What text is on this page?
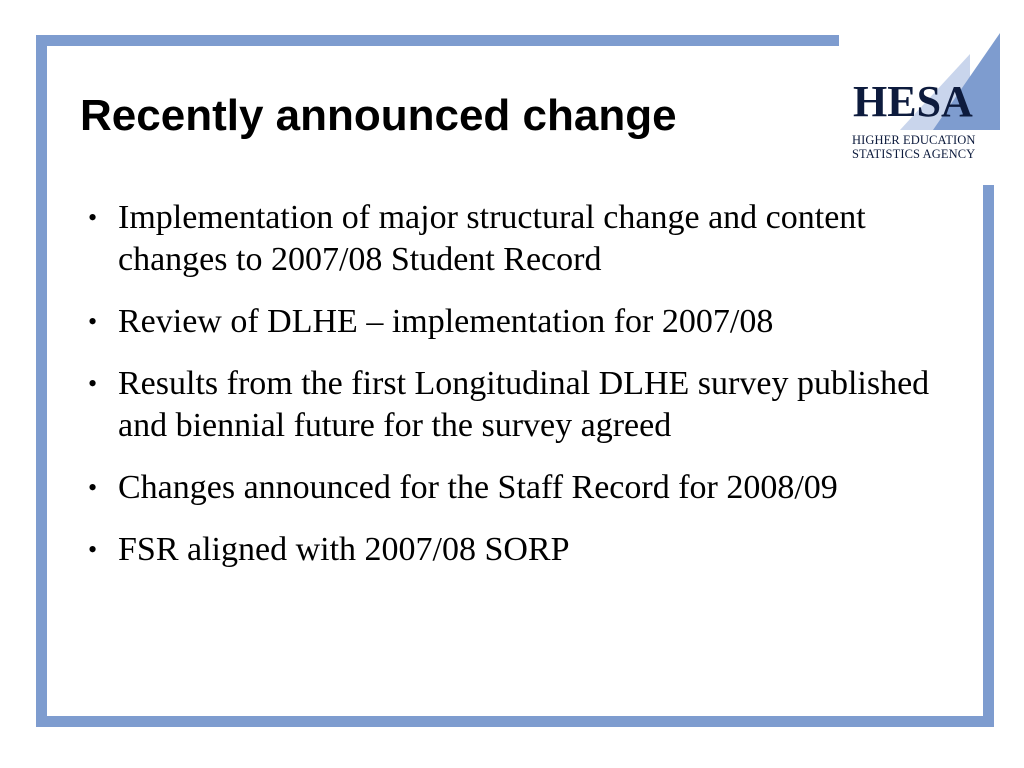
Recently announced change	HESA
HIGHER EDUCATION
STATISTICS AGENCY
• Implementation of major structural change and content changes to 2007/08 Student Record
• Review of DLHE – implementation for 2007/08
• Results from the first Longitudinal DLHE survey published and biennial future for the survey agreed
• Changes announced for the Staff Record for 2008/09
• FSR aligned with 2007/08 SORP
